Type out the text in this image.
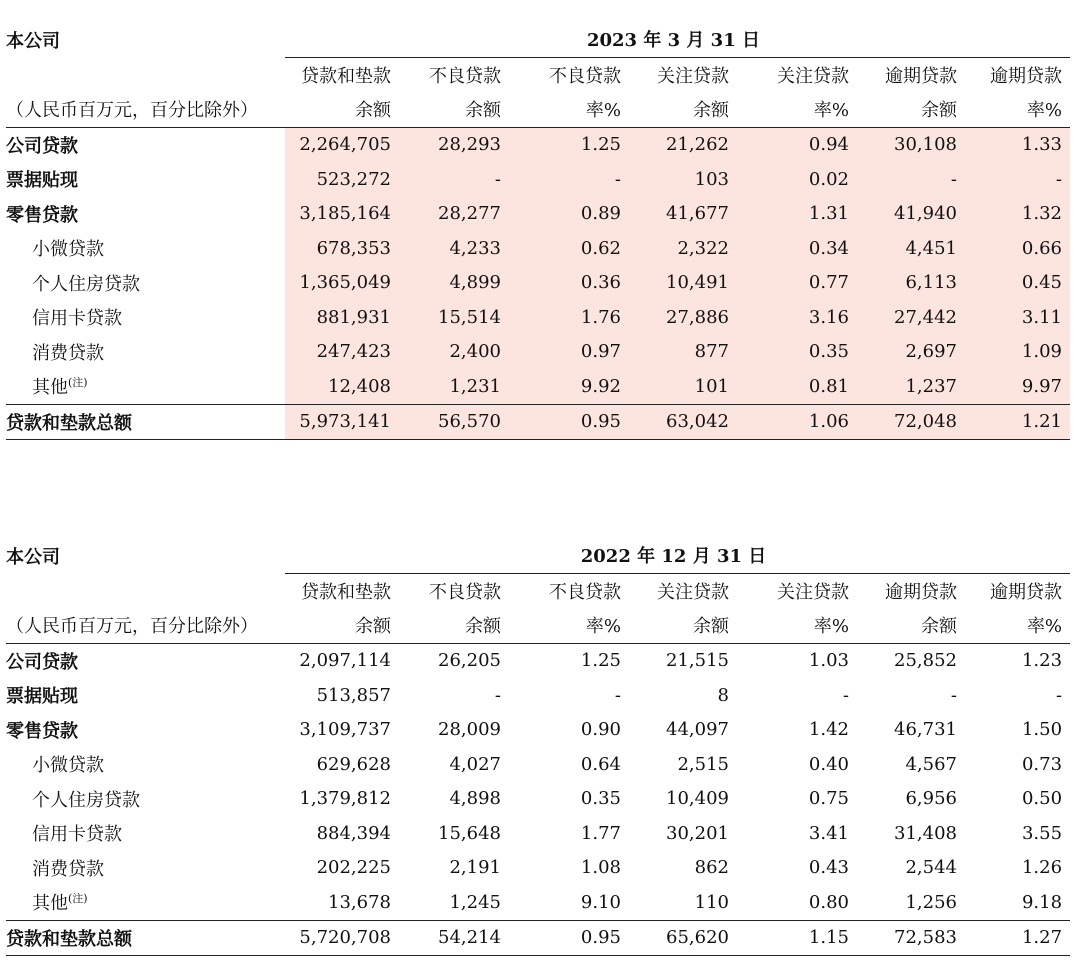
本公司	2023 年 3 月 31 日						
	贷款和垫款	不良贷款	不良贷款	关注贷款	关注贷款	逾期贷款	逾期贷款
（人民币百万元，百分比除外）	余额	余额	率%	余额	率%	余额	率%
公司贷款	2,264,705	28,293	1.25	21,262	0.94	30,108	1.33
票据贴现	523,272	-	-	103	0.02	-	-
零售贷款	3,185,164	28,277	0.89	41,677	1.31	41,940	1.32
小微贷款	678,353	4,233	0.62	2,322	0.34	4,451	0.66
个人住房贷款	1,365,049	4,899	0.36	10,491	0.77	6,113	0.45
信用卡贷款	881,931	15,514	1.76	27,886	3.16	27,442	3.11
消费贷款	247,423	2,400	0.97	877	0.35	2,697	1.09
其他$^{(注)}$	12,408	1,231	9.92	101	0.81	1,237	9.97
贷款和垫款总额	5,973,141	56,570	0.95	63,042	1.06	72,048	1.21
本公司	2022 年 12 月 31 日						
	贷款和垫款	不良贷款	不良贷款	关注贷款	关注贷款	逾期贷款	逾期贷款
（人民币百万元，百分比除外）	余额	余额	率%	余额	率%	余额	率%
公司贷款	2,097,114	26,205	1.25	21,515	1.03	25,852	1.23
票据贴现	513,857	-	-	8	-	-	-
零售贷款	3,109,737	28,009	0.90	44,097	1.42	46,731	1.50
小微贷款	629,628	4,027	0.64	2,515	0.40	4,567	0.73
个人住房贷款	1,379,812	4,898	0.35	10,409	0.75	6,956	0.50
信用卡贷款	884,394	15,648	1.77	30,201	3.41	31,408	3.55
消费贷款	202,225	2,191	1.08	862	0.43	2,544	1.26
其他$^{(注)}$	13,678	1,245	9.10	110	0.80	1,256	9.18
贷款和垫款总额	5,720,708	54,214	0.95	65,620	1.15	72,583	1.27
